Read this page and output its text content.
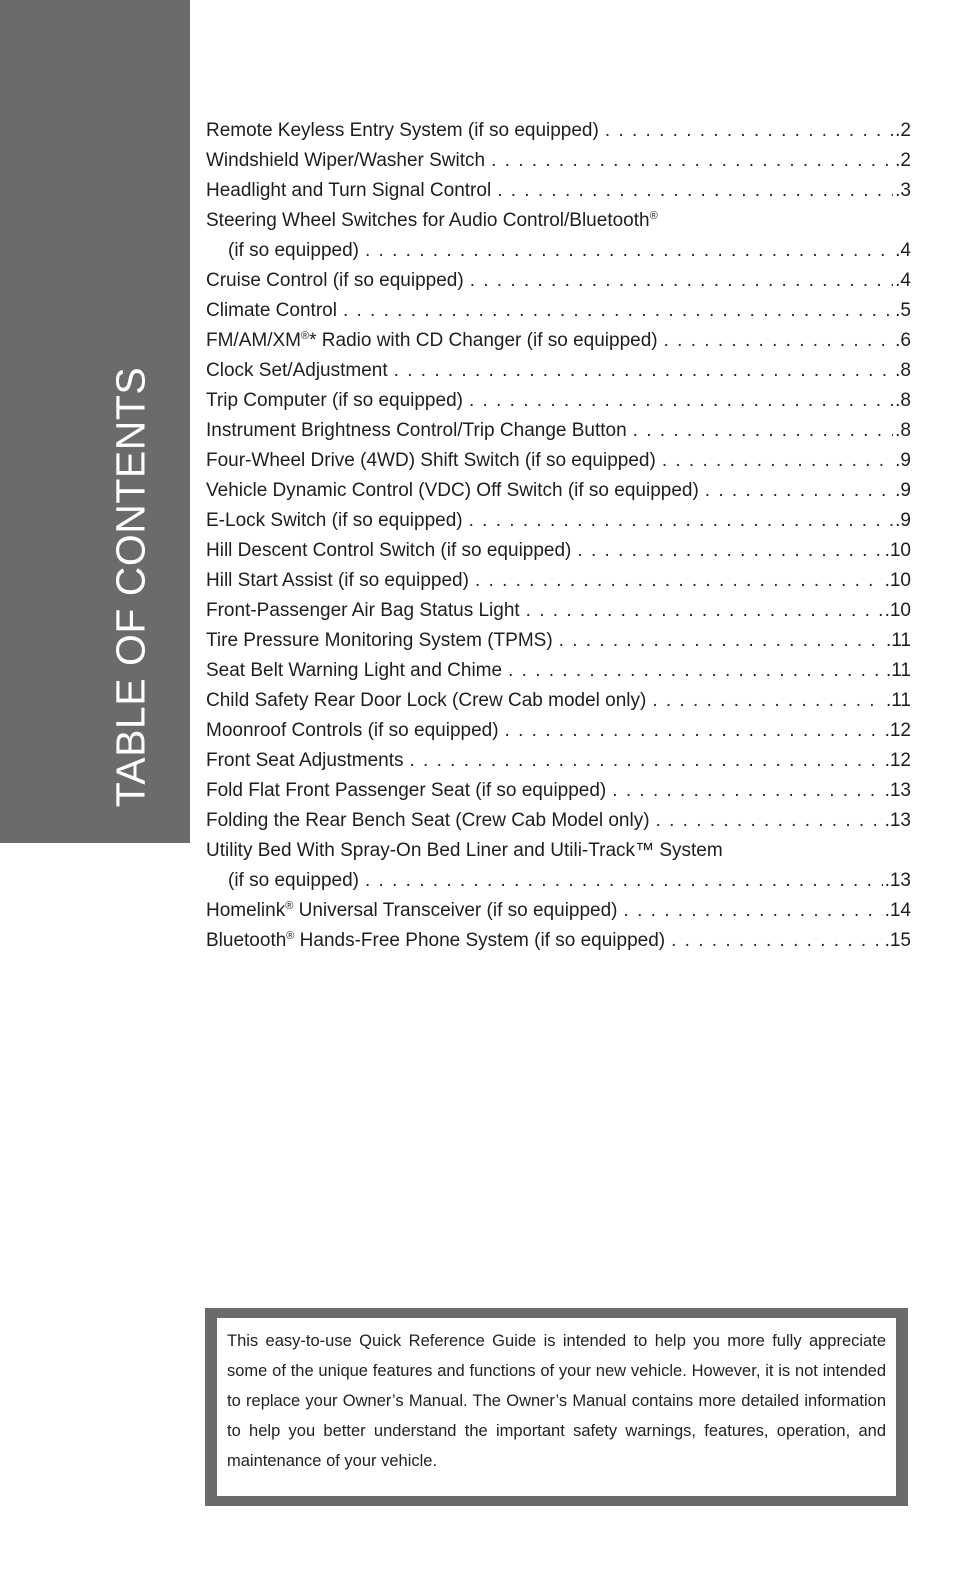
TABLE OF CONTENTS
Remote Keyless Entry System (if so equipped) . . .	.2
Windshield Wiper/Washer Switch . . .	.2
Headlight and Turn Signal Control . . .	.3
Steering Wheel Switches for Audio Control/Bluetooth®
(if so equipped) . . .	.4
Cruise Control (if so equipped) . . .	.4
Climate Control . . .	.5
FM/AM/XM®* Radio with CD Changer (if so equipped) . . .	.6
Clock Set/Adjustment . . .	.8
Trip Computer (if so equipped) . . .	.8
Instrument Brightness Control/Trip Change Button . . .	.8
Four-Wheel Drive (4WD) Shift Switch (if so equipped) . . .	.9
Vehicle Dynamic Control (VDC) Off Switch (if so equipped) . . .	.9
E-Lock Switch (if so equipped) . . .	.9
Hill Descent Control Switch (if so equipped) . . .	.10
Hill Start Assist (if so equipped) . . .	.10
Front-Passenger Air Bag Status Light . . .	.10
Tire Pressure Monitoring System (TPMS) . . .	.11
Seat Belt Warning Light and Chime . . .	.11
Child Safety Rear Door Lock (Crew Cab model only) . . .	.11
Moonroof Controls (if so equipped) . . .	.12
Front Seat Adjustments . . .	.12
Fold Flat Front Passenger Seat (if so equipped) . . .	.13
Folding the Rear Bench Seat (Crew Cab Model only) . . .	.13
Utility Bed With Spray-On Bed Liner and Utili-Track™ System
(if so equipped) . . .	.13
Homelink® Universal Transceiver (if so equipped) . . .	.14
Bluetooth® Hands-Free Phone System (if so equipped) . . .	.15

This easy-to-use Quick Reference Guide is intended to help you more fully appreciate some of the unique features and functions of your new vehicle. However, it is not intended to replace your Owner’s Manual. The Owner’s Manual contains more detailed information to help you better understand the important safety warnings, features, operation, and maintenance of your vehicle.
